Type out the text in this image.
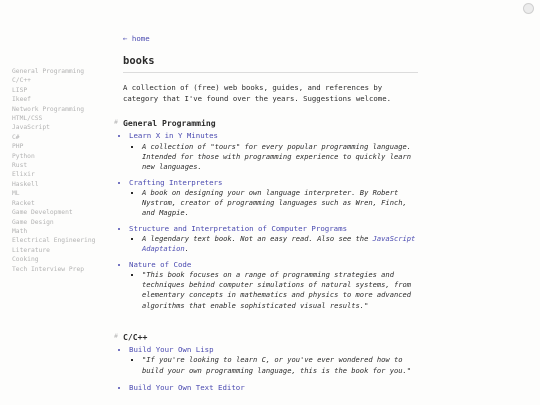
General Programming
C/C++
LISP
Ikeef
Network Programming
HTML/CSS
JavaScript
C#
PHP
Python
Rust
Elixir
Haskell
ML
Racket
Game Development
Game Design
Math
Electrical Engineering
Literature
Cooking
Tech Interview Prep
← home
books
A collection of (free) web books, guides, and references by category that I've found over the years. Suggestions welcome.
# General Programming
• Learn X in Y Minutes
▪ A collection of "tours" for every popular programming language. Intended for those with programming experience to quickly learn new languages.
• Crafting Interpreters
▪ A book on designing your own language interpreter. By Robert Nystrom, creator of programming languages such as Wren, Finch, and Magpie.
• Structure and Interpretation of Computer Programs
▪ A legendary text book. Not an easy read. Also see the JavaScript Adaptation.
• Nature of Code
▪ "This book focuses on a range of programming strategies and techniques behind computer simulations of natural systems, from elementary concepts in mathematics and physics to more advanced algorithms that enable sophisticated visual results."
# C/C++
• Build Your Own Lisp
▪ "If you're looking to learn C, or you've ever wondered how to build your own programming language, this is the book for you."
• Build Your Own Text Editor
